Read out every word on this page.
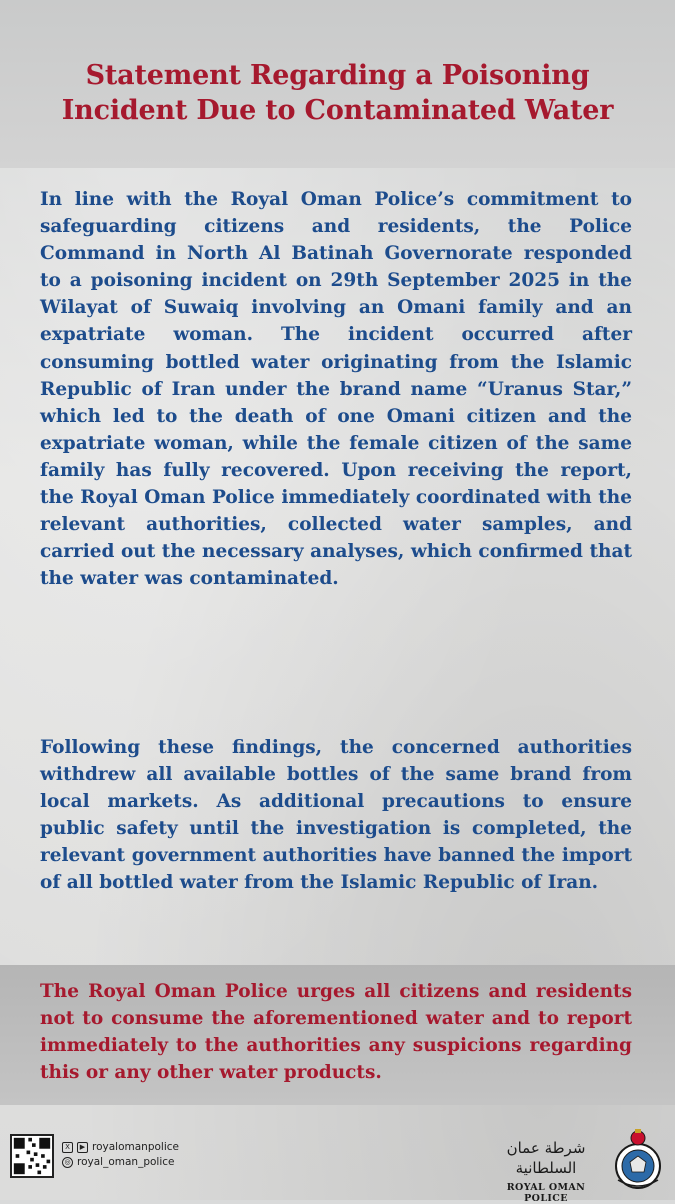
Statement Regarding a Poisoning
Incident Due to Contaminated Water
In line with the Royal Oman Police’s commitment to safeguarding citizens and residents, the Police Command in North Al Batinah Governorate responded to a poisoning incident on 29th September 2025 in the Wilayat of Suwaiq involving an Omani family and an expatriate woman. The incident occurred after consuming bottled water originating from the Islamic Republic of Iran under the brand name “Uranus Star,” which led to the death of one Omani citizen and the expatriate woman, while the female citizen of the same family has fully recovered. Upon receiving the report, the Royal Oman Police immediately coordinated with the relevant authorities, collected water samples, and carried out the necessary analyses, which confirmed that the water was contaminated.
Following these findings, the concerned authorities withdrew all available bottles of the same brand from local markets. As additional precautions to ensure public safety until the investigation is completed, the relevant government authorities have banned the import of all bottled water from the Islamic Republic of Iran.
The Royal Oman Police urges all citizens and residents not to consume the aforementioned water and to report immediately to the authorities any suspicions regarding this or any other water products.
X	▶ royalomanpolice
◎ royal_oman_police
شرطة عمان السلطانية
ROYAL OMAN POLICE
